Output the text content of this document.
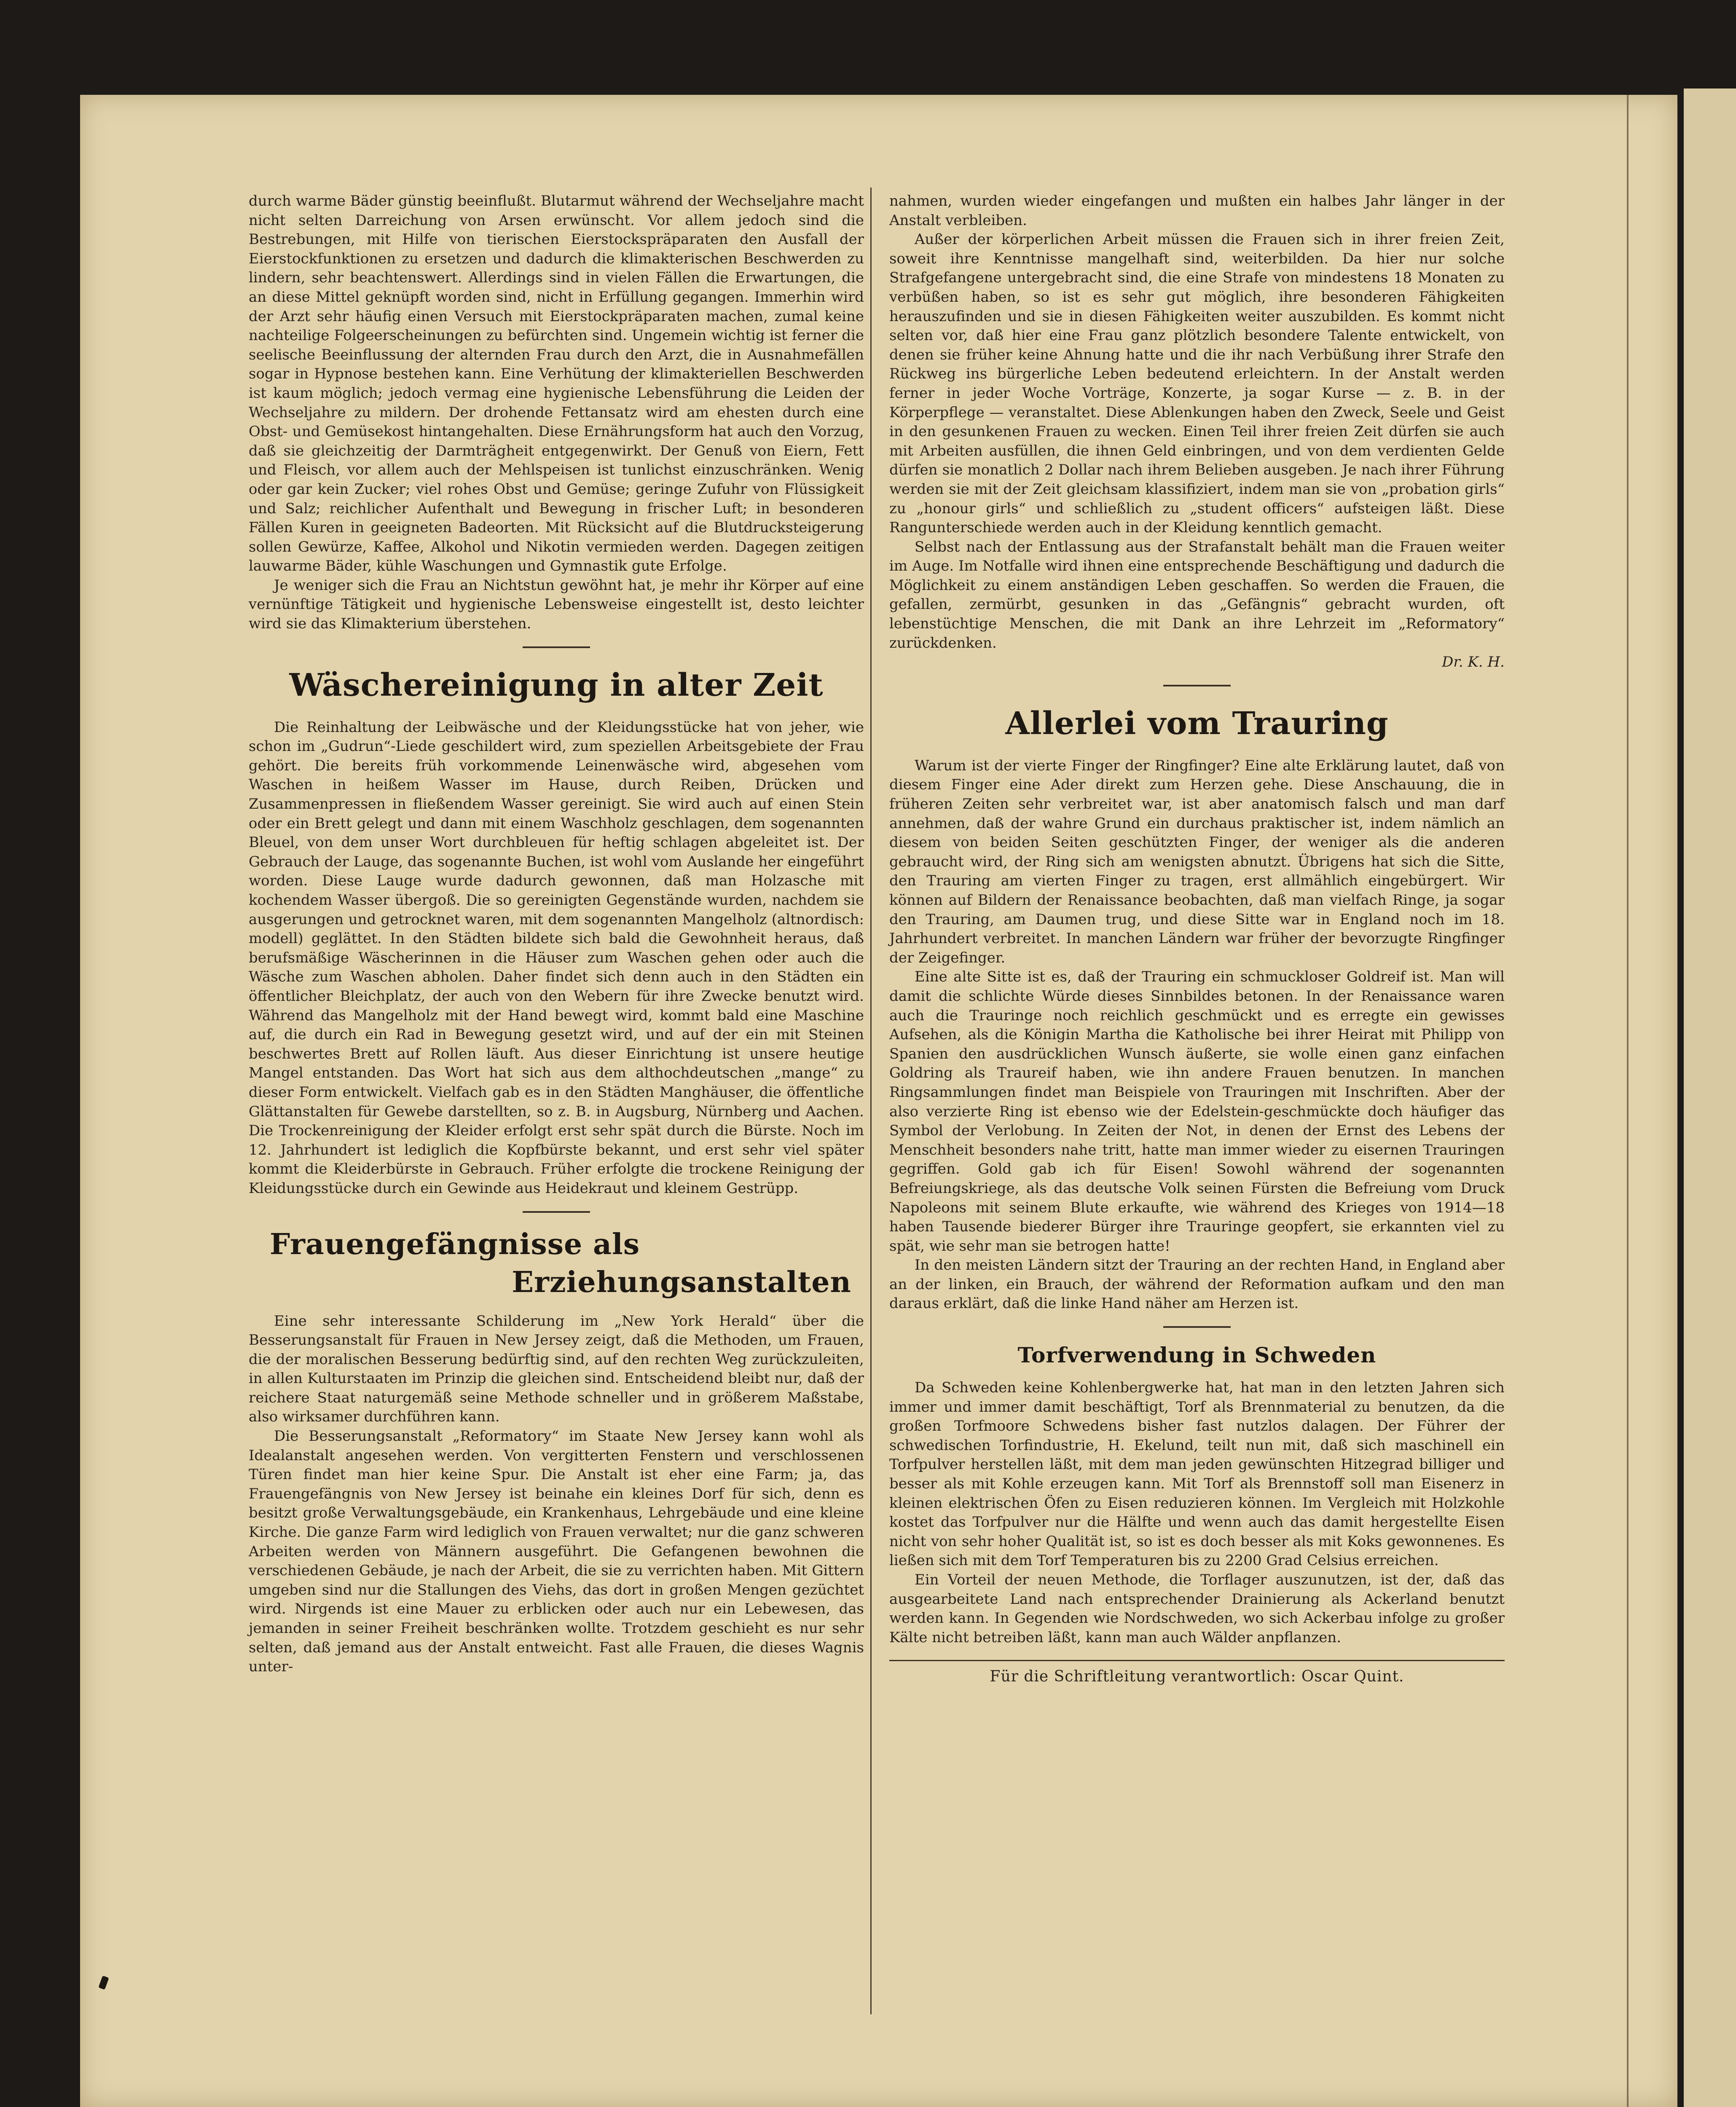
durch warme Bäder günstig beeinflußt. Blutarmut während der Wechseljahre macht nicht selten Darreichung von Arsen erwünscht. Vor allem jedoch sind die Bestrebungen, mit Hilfe von tierischen Eierstockspräparaten den Ausfall der Eierstockfunktionen zu ersetzen und dadurch die klimakterischen Beschwerden zu lindern, sehr beachtenswert. Allerdings sind in vielen Fällen die Erwartungen, die an diese Mittel geknüpft worden sind, nicht in Erfüllung gegangen. Immerhin wird der Arzt sehr häufig einen Versuch mit Eierstockpräparaten machen, zumal keine nachteilige Folgeerscheinungen zu befürchten sind. Ungemein wichtig ist ferner die seelische Beeinflussung der alternden Frau durch den Arzt, die in Ausnahmefällen sogar in Hypnose bestehen kann. Eine Verhütung der klimakteriellen Beschwerden ist kaum möglich; jedoch vermag eine hygienische Lebensführung die Leiden der Wechseljahre zu mildern. Der drohende Fettansatz wird am ehesten durch eine Obst- und Gemüsekost hintangehalten. Diese Ernährungsform hat auch den Vorzug, daß sie gleichzeitig der Darmträgheit entgegenwirkt. Der Genuß von Eiern, Fett und Fleisch, vor allem auch der Mehlspeisen ist tunlichst einzuschränken. Wenig oder gar kein Zucker; viel rohes Obst und Gemüse; geringe Zufuhr von Flüssigkeit und Salz; reichlicher Aufenthalt und Bewegung in frischer Luft; in besonderen Fällen Kuren in geeigneten Badeorten. Mit Rücksicht auf die Blutdrucksteigerung sollen Gewürze, Kaffee, Alkohol und Nikotin vermieden werden. Dagegen zeitigen lauwarme Bäder, kühle Waschungen und Gymnastik gute Erfolge.

Je weniger sich die Frau an Nichtstun gewöhnt hat, je mehr ihr Körper auf eine vernünftige Tätigkeit und hygienische Lebensweise eingestellt ist, desto leichter wird sie das Klimakterium überstehen.

Wäschereinigung in alter Zeit

Die Reinhaltung der Leibwäsche und der Kleidungsstücke hat von jeher, wie schon im „Gudrun“-Liede geschildert wird, zum speziellen Arbeitsgebiete der Frau gehört. Die bereits früh vorkommende Leinenwäsche wird, abgesehen vom Waschen in heißem Wasser im Hause, durch Reiben, Drücken und Zusammenpressen in fließendem Wasser gereinigt. Sie wird auch auf einen Stein oder ein Brett gelegt und dann mit einem Waschholz geschlagen, dem sogenannten Bleuel, von dem unser Wort durchbleuen für heftig schlagen abgeleitet ist. Der Gebrauch der Lauge, das sogenannte Buchen, ist wohl vom Auslande her eingeführt worden. Diese Lauge wurde dadurch gewonnen, daß man Holzasche mit kochendem Wasser übergoß. Die so gereinigten Gegenstände wurden, nachdem sie ausgerungen und getrocknet waren, mit dem sogenannten Mangelholz (altnordisch: modell) geglättet. In den Städten bildete sich bald die Gewohnheit heraus, daß berufsmäßige Wäscherinnen in die Häuser zum Waschen gehen oder auch die Wäsche zum Waschen abholen. Daher findet sich denn auch in den Städten ein öffentlicher Bleichplatz, der auch von den Webern für ihre Zwecke benutzt wird. Während das Mangelholz mit der Hand bewegt wird, kommt bald eine Maschine auf, die durch ein Rad in Bewegung gesetzt wird, und auf der ein mit Steinen beschwertes Brett auf Rollen läuft. Aus dieser Einrichtung ist unsere heutige Mangel entstanden. Das Wort hat sich aus dem althochdeutschen „mange“ zu dieser Form entwickelt. Vielfach gab es in den Städten Manghäuser, die öffentliche Glättanstalten für Gewebe darstellten, so z. B. in Augsburg, Nürnberg und Aachen. Die Trockenreinigung der Kleider erfolgt erst sehr spät durch die Bürste. Noch im 12. Jahrhundert ist lediglich die Kopfbürste bekannt, und erst sehr viel später kommt die Kleiderbürste in Gebrauch. Früher erfolgte die trockene Reinigung der Kleidungsstücke durch ein Gewinde aus Heidekraut und kleinem Gestrüpp.

Frauengefängnisse als
Erziehungsanstalten

Eine sehr interessante Schilderung im „New York Herald“ über die Besserungsanstalt für Frauen in New Jersey zeigt, daß die Methoden, um Frauen, die der moralischen Besserung bedürftig sind, auf den rechten Weg zurückzuleiten, in allen Kulturstaaten im Prinzip die gleichen sind. Entscheidend bleibt nur, daß der reichere Staat naturgemäß seine Methode schneller und in größerem Maßstabe, also wirksamer durchführen kann.

Die Besserungsanstalt „Reformatory“ im Staate New Jersey kann wohl als Idealanstalt angesehen werden. Von vergitterten Fenstern und verschlossenen Türen findet man hier keine Spur. Die Anstalt ist eher eine Farm; ja, das Frauengefängnis von New Jersey ist beinahe ein kleines Dorf für sich, denn es besitzt große Verwaltungsgebäude, ein Krankenhaus, Lehrgebäude und eine kleine Kirche. Die ganze Farm wird lediglich von Frauen verwaltet; nur die ganz schweren Arbeiten werden von Männern ausgeführt. Die Gefangenen bewohnen die verschiedenen Gebäude, je nach der Arbeit, die sie zu verrichten haben. Mit Gittern umgeben sind nur die Stallungen des Viehs, das dort in großen Mengen gezüchtet wird. Nirgends ist eine Mauer zu erblicken oder auch nur ein Lebewesen, das jemanden in seiner Freiheit beschränken wollte. Trotzdem geschieht es nur sehr selten, daß jemand aus der Anstalt entweicht. Fast alle Frauen, die dieses Wagnis unter-

nahmen, wurden wieder eingefangen und mußten ein halbes Jahr länger in der Anstalt verbleiben.

Außer der körperlichen Arbeit müssen die Frauen sich in ihrer freien Zeit, soweit ihre Kenntnisse mangelhaft sind, weiterbilden. Da hier nur solche Strafgefangene untergebracht sind, die eine Strafe von mindestens 18 Monaten zu verbüßen haben, so ist es sehr gut möglich, ihre besonderen Fähigkeiten herauszufinden und sie in diesen Fähigkeiten weiter auszubilden. Es kommt nicht selten vor, daß hier eine Frau ganz plötzlich besondere Talente entwickelt, von denen sie früher keine Ahnung hatte und die ihr nach Verbüßung ihrer Strafe den Rückweg ins bürgerliche Leben bedeutend erleichtern. In der Anstalt werden ferner in jeder Woche Vorträge, Konzerte, ja sogar Kurse — z. B. in der Körperpflege — veranstaltet. Diese Ablenkungen haben den Zweck, Seele und Geist in den gesunkenen Frauen zu wecken. Einen Teil ihrer freien Zeit dürfen sie auch mit Arbeiten ausfüllen, die ihnen Geld einbringen, und von dem verdienten Gelde dürfen sie monatlich 2 Dollar nach ihrem Belieben ausgeben. Je nach ihrer Führung werden sie mit der Zeit gleichsam klassifiziert, indem man sie von „probation girls“ zu „honour girls“ und schließlich zu „student officers“ aufsteigen läßt. Diese Rangunterschiede werden auch in der Kleidung kenntlich gemacht.

Selbst nach der Entlassung aus der Strafanstalt behält man die Frauen weiter im Auge. Im Notfalle wird ihnen eine entsprechende Beschäftigung und dadurch die Möglichkeit zu einem anständigen Leben geschaffen. So werden die Frauen, die gefallen, zermürbt, gesunken in das „Gefängnis“ gebracht wurden, oft lebenstüchtige Menschen, die mit Dank an ihre Lehrzeit im „Reformatory“ zurückdenken.

Dr. K. H.

Allerlei vom Trauring

Warum ist der vierte Finger der Ringfinger? Eine alte Erklärung lautet, daß von diesem Finger eine Ader direkt zum Herzen gehe. Diese Anschauung, die in früheren Zeiten sehr verbreitet war, ist aber anatomisch falsch und man darf annehmen, daß der wahre Grund ein durchaus praktischer ist, indem nämlich an diesem von beiden Seiten geschützten Finger, der weniger als die anderen gebraucht wird, der Ring sich am wenigsten abnutzt. Übrigens hat sich die Sitte, den Trauring am vierten Finger zu tragen, erst allmählich eingebürgert. Wir können auf Bildern der Renaissance beobachten, daß man vielfach Ringe, ja sogar den Trauring, am Daumen trug, und diese Sitte war in England noch im 18. Jahrhundert verbreitet. In manchen Ländern war früher der bevorzugte Ringfinger der Zeigefinger.

Eine alte Sitte ist es, daß der Trauring ein schmuckloser Goldreif ist. Man will damit die schlichte Würde dieses Sinnbildes betonen. In der Renaissance waren auch die Trauringe noch reichlich geschmückt und es erregte ein gewisses Aufsehen, als die Königin Martha die Katholische bei ihrer Heirat mit Philipp von Spanien den ausdrücklichen Wunsch äußerte, sie wolle einen ganz einfachen Goldring als Traureif haben, wie ihn andere Frauen benutzen. In manchen Ringsammlungen findet man Beispiele von Trauringen mit Inschriften. Aber der also verzierte Ring ist ebenso wie der Edelstein-geschmückte doch häufiger das Symbol der Verlobung. In Zeiten der Not, in denen der Ernst des Lebens der Menschheit besonders nahe tritt, hatte man immer wieder zu eisernen Trauringen gegriffen. Gold gab ich für Eisen! Sowohl während der sogenannten Befreiungskriege, als das deutsche Volk seinen Fürsten die Befreiung vom Druck Napoleons mit seinem Blute erkaufte, wie während des Krieges von 1914—18 haben Tausende biederer Bürger ihre Trauringe geopfert, sie erkannten viel zu spät, wie sehr man sie betrogen hatte!

In den meisten Ländern sitzt der Trauring an der rechten Hand, in England aber an der linken, ein Brauch, der während der Reformation aufkam und den man daraus erklärt, daß die linke Hand näher am Herzen ist.

Torfverwendung in Schweden

Da Schweden keine Kohlenbergwerke hat, hat man in den letzten Jahren sich immer und immer damit beschäftigt, Torf als Brennmaterial zu benutzen, da die großen Torfmoore Schwedens bisher fast nutzlos dalagen. Der Führer der schwedischen Torfindustrie, H. Ekelund, teilt nun mit, daß sich maschinell ein Torfpulver herstellen läßt, mit dem man jeden gewünschten Hitzegrad billiger und besser als mit Kohle erzeugen kann. Mit Torf als Brennstoff soll man Eisenerz in kleinen elektrischen Öfen zu Eisen reduzieren können. Im Vergleich mit Holzkohle kostet das Torfpulver nur die Hälfte und wenn auch das damit hergestellte Eisen nicht von sehr hoher Qualität ist, so ist es doch besser als mit Koks gewonnenes. Es ließen sich mit dem Torf Temperaturen bis zu 2200 Grad Celsius erreichen.

Ein Vorteil der neuen Methode, die Torflager auszunutzen, ist der, daß das ausgearbeitete Land nach entsprechender Drainierung als Ackerland benutzt werden kann. In Gegenden wie Nordschweden, wo sich Ackerbau infolge zu großer Kälte nicht betreiben läßt, kann man auch Wälder anpflanzen.

Für die Schriftleitung verantwortlich: Oscar Quint.
